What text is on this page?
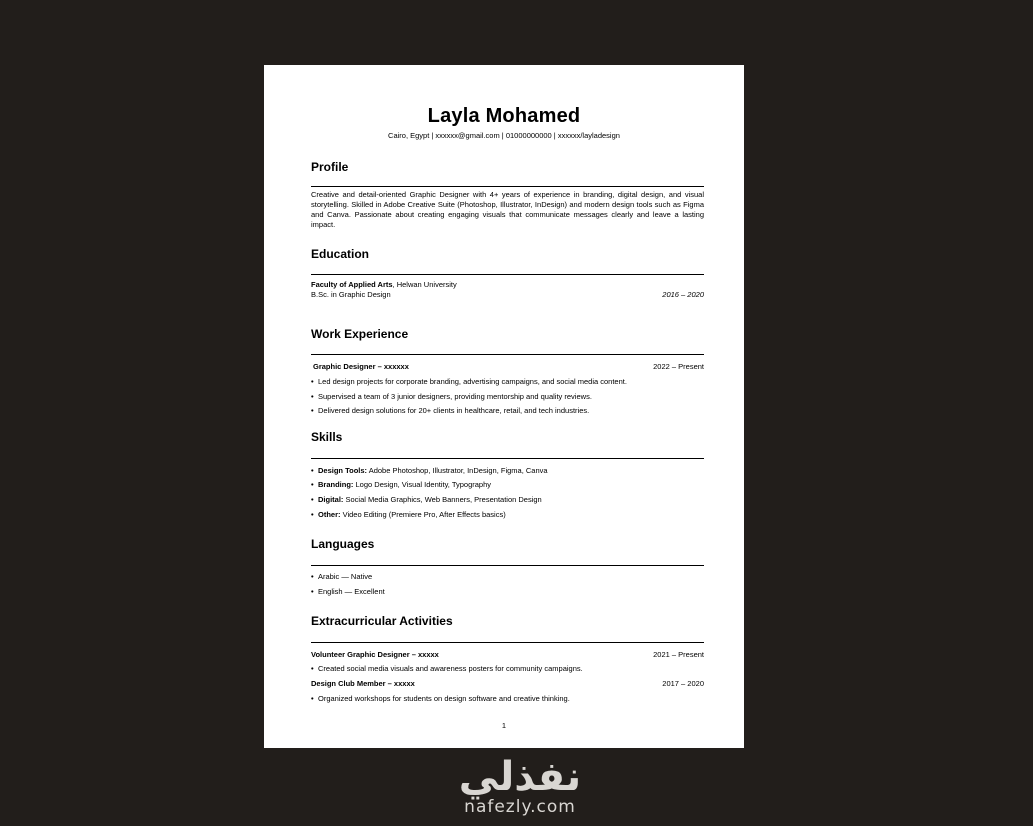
Layla Mohamed
Cairo, Egypt | xxxxxx@gmail.com | 01000000000 | xxxxxx/layladesign
Profile
Creative and detail-oriented Graphic Designer with 4+ years of experience in branding, digital design, and visual storytelling. Skilled in Adobe Creative Suite (Photoshop, Illustrator, InDesign) and modern design tools such as Figma and Canva. Passionate about creating engaging visuals that communicate messages clearly and leave a lasting impact.
Education
Faculty of Applied Arts, Helwan University
B.Sc. in Graphic Design	2016 – 2020
Work Experience
Graphic Designer – xxxxxx	2022 – Present
• Led design projects for corporate branding, advertising campaigns, and social media content.
• Supervised a team of 3 junior designers, providing mentorship and quality reviews.
• Delivered design solutions for 20+ clients in healthcare, retail, and tech industries.
Skills
• Design Tools: Adobe Photoshop, Illustrator, InDesign, Figma, Canva
• Branding: Logo Design, Visual Identity, Typography
• Digital: Social Media Graphics, Web Banners, Presentation Design
• Other: Video Editing (Premiere Pro, After Effects basics)
Languages
• Arabic — Native
• English — Excellent
Extracurricular Activities
Volunteer Graphic Designer – xxxxx	2021 – Present
• Created social media visuals and awareness posters for community campaigns.
Design Club Member – xxxxx	2017 – 2020
• Organized workshops for students on design software and creative thinking.
1
نفذلي
nafezly.com
